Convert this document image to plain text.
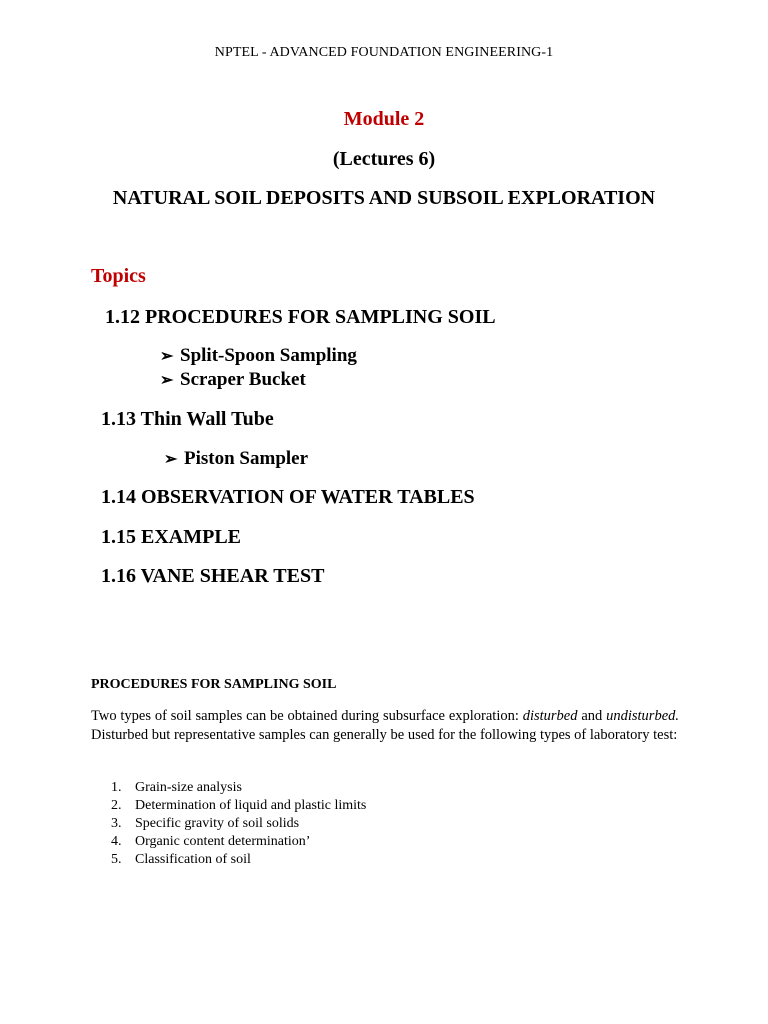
NPTEL - ADVANCED FOUNDATION ENGINEERING-1
Module 2
(Lectures 6)
NATURAL SOIL DEPOSITS AND SUBSOIL EXPLORATION
Topics
1.12 PROCEDURES FOR SAMPLING SOIL
➢ Split-Spoon Sampling
➢ Scraper Bucket
1.13 Thin Wall Tube
➢ Piston Sampler
1.14 OBSERVATION OF WATER TABLES
1.15 EXAMPLE
1.16 VANE SHEAR TEST
PROCEDURES FOR SAMPLING SOIL

Two types of soil samples can be obtained during subsurface exploration: disturbed and undisturbed. Disturbed but representative samples can generally be used for the following types of laboratory test:

1. Grain-size analysis
2. Determination of liquid and plastic limits
3. Specific gravity of soil solids
4. Organic content determination’
5. Classification of soil
